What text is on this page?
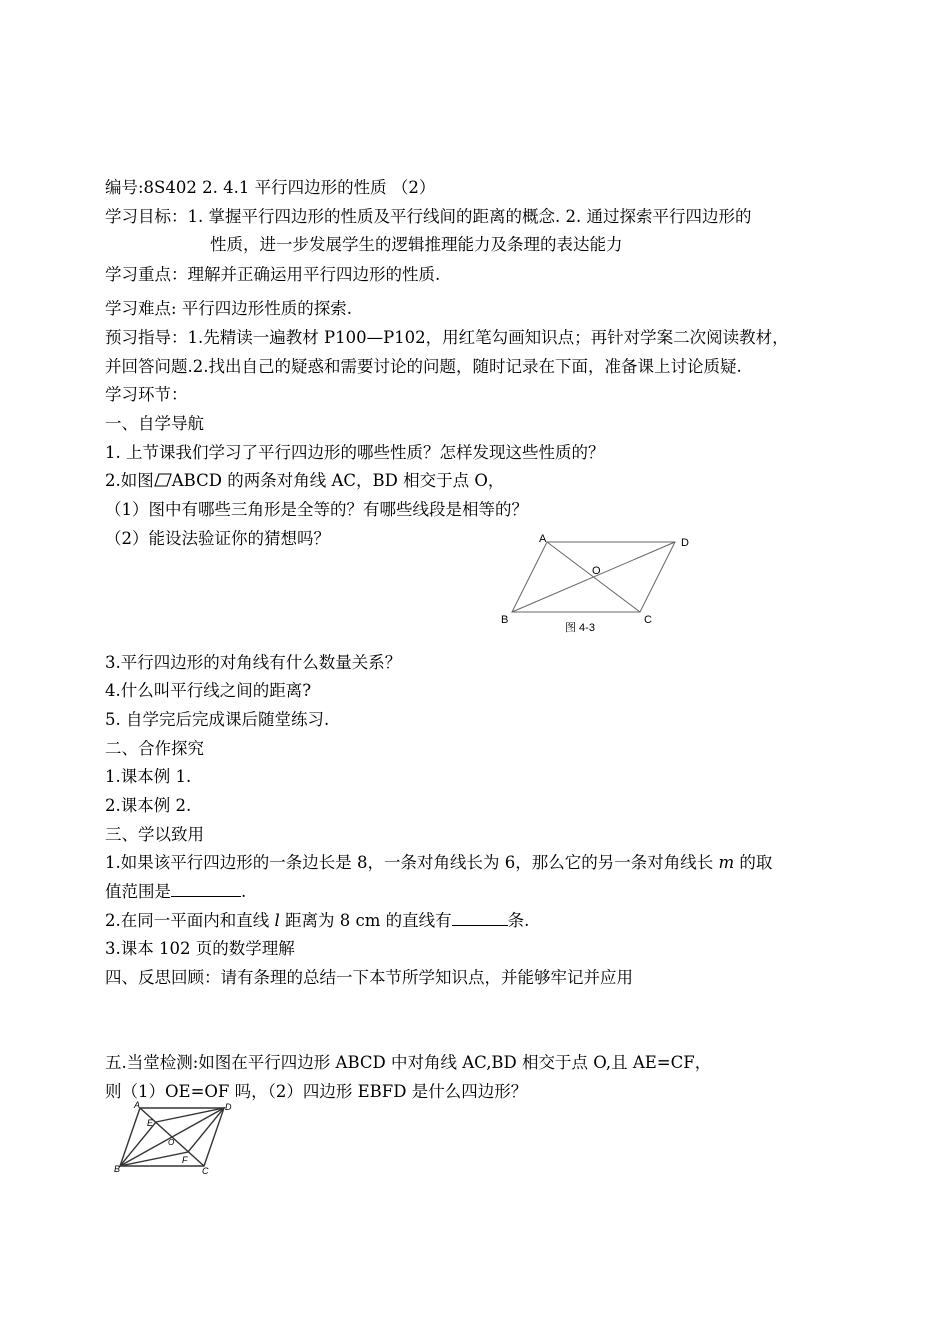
编号:8S402 2. 4.1 平行四边形的性质 （2）
学习目标：1. 掌握平行四边形的性质及平行线间的距离的概念. 2. 通过探索平行四边形的
性质，进一步发展学生的逻辑推理能力及条理的表达能力
学习重点：理解并正确运用平行四边形的性质.
学习难点: 平行四边形性质的探索.
预习指导：1.先精读一遍教材 P100—P102，用红笔勾画知识点；再针对学案二次阅读教材，
并回答问题.2.找出自己的疑惑和需要讨论的问题，随时记录在下面，准备课上讨论质疑.
学习环节：
一、自学导航
1. 上节课我们学习了平行四边形的哪些性质？怎样发现这些性质的？
2.如图 ABCD 的两条对角线 AC，BD 相交于点 O，
（1）图中有哪些三角形是全等的？有哪些线段是相等的？
（2）能设法验证你的猜想吗？	A	D
O
B	C
图 4-3
3.平行四边形的对角线有什么数量关系？
4.什么叫平行线之间的距离?
5. 自学完后完成课后随堂练习.
二、合作探究
1.课本例 1.
2.课本例 2.
三、学以致用
1.如果该平行四边形的一条边长是 8，一条对角线长为 6，那么它的另一条对角线长 m 的取
值范围是	.
2.在同一平面内和直线 l 距离为 8 cm 的直线有	条.
3.课本 102 页的数学理解
四、反思回顾：请有条理的总结一下本节所学知识点，并能够牢记并应用
五.当堂检测:如图在平行四边形 ABCD 中对角线 AC,BD 相交于点 O,且 AE=CF，
则（1）OE=OF 吗，（2）四边形 EBFD 是什么四边形？
A	D
E
O
F
B	C
